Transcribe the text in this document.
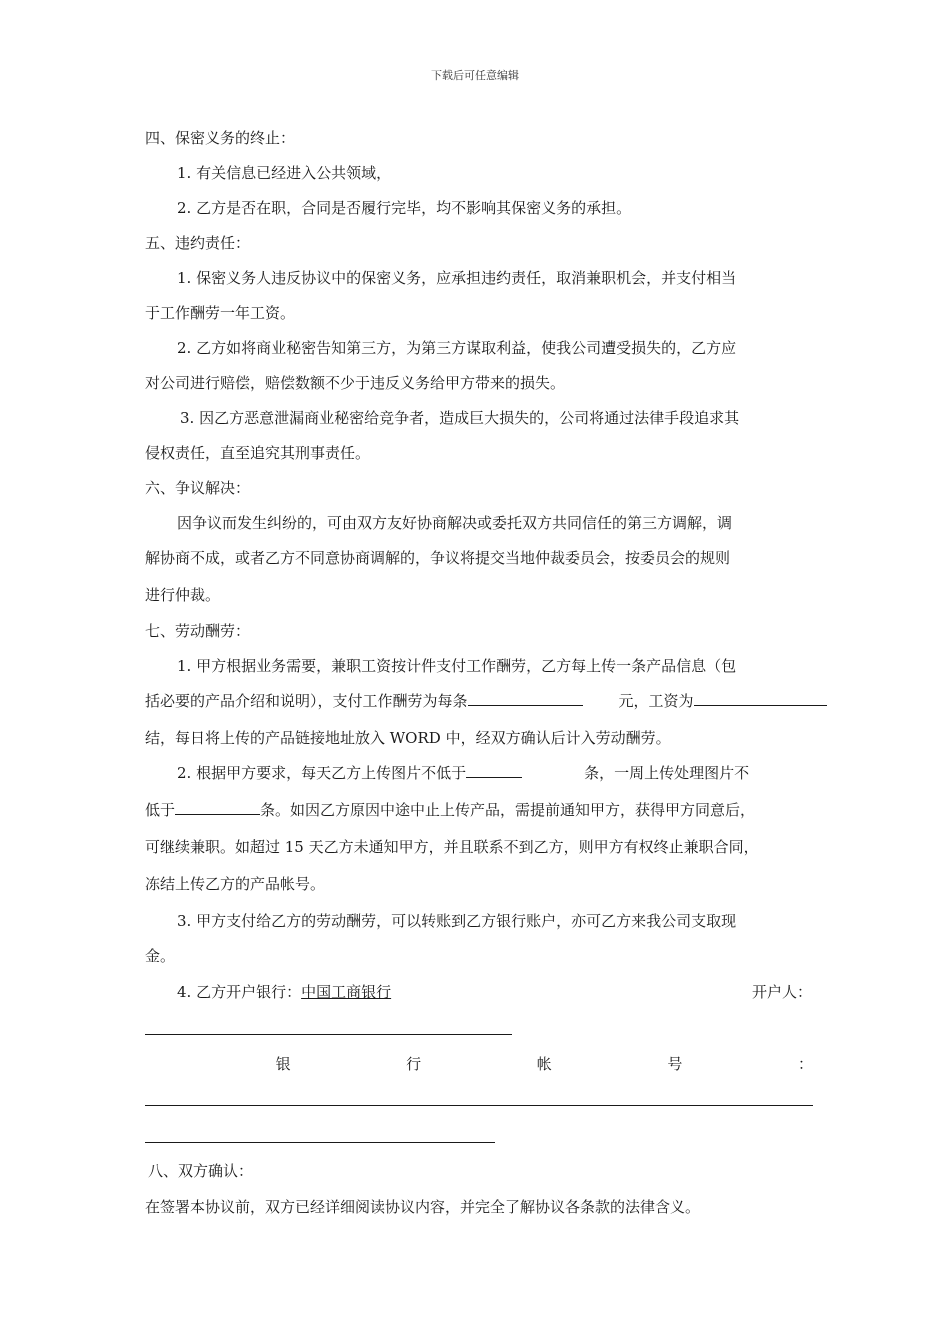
下载后可任意编辑
四、保密义务的终止：
1. 有关信息已经进入公共领域，
2. 乙方是否在职，合同是否履行完毕，均不影响其保密义务的承担。
五、违约责任：
1. 保密义务人违反协议中的保密义务，应承担违约责任，取消兼职机会，并支付相当
于工作酬劳一年工资。
2. 乙方如将商业秘密告知第三方，为第三方谋取利益，使我公司遭受损失的，乙方应
对公司进行赔偿，赔偿数额不少于违反义务给甲方带来的损失。
3. 因乙方恶意泄漏商业秘密给竞争者，造成巨大损失的，公司将通过法律手段追求其
侵权责任，直至追究其刑事责任。
六、争议解决：
因争议而发生纠纷的，可由双方友好协商解决或委托双方共同信任的第三方调解，调
解协商不成，或者乙方不同意协商调解的，争议将提交当地仲裁委员会，按委员会的规则
进行仲裁。
七、劳动酬劳：
1. 甲方根据业务需要，兼职工资按计件支付工作酬劳，乙方每上传一条产品信息（包
括必要的产品介绍和说明），支付工作酬劳为每条	元，工资为
结，每日将上传的产品链接地址放入 WORD 中，经双方确认后计入劳动酬劳。
2. 根据甲方要求，每天乙方上传图片不低于	条，一周上传处理图片不
低于	条。如因乙方原因中途中止上传产品，需提前通知甲方，获得甲方同意后，
可继续兼职。如超过 15 天乙方未通知甲方，并且联系不到乙方，则甲方有权终止兼职合同，
冻结上传乙方的产品帐号。
3. 甲方支付给乙方的劳动酬劳，可以转账到乙方银行账户，亦可乙方来我公司支取现
金。
4. 乙方开户银行：中国工商银行	开户人：
银	行	帐	号	：
八、双方确认：
在签署本协议前，双方已经详细阅读协议内容，并完全了解协议各条款的法律含义。
